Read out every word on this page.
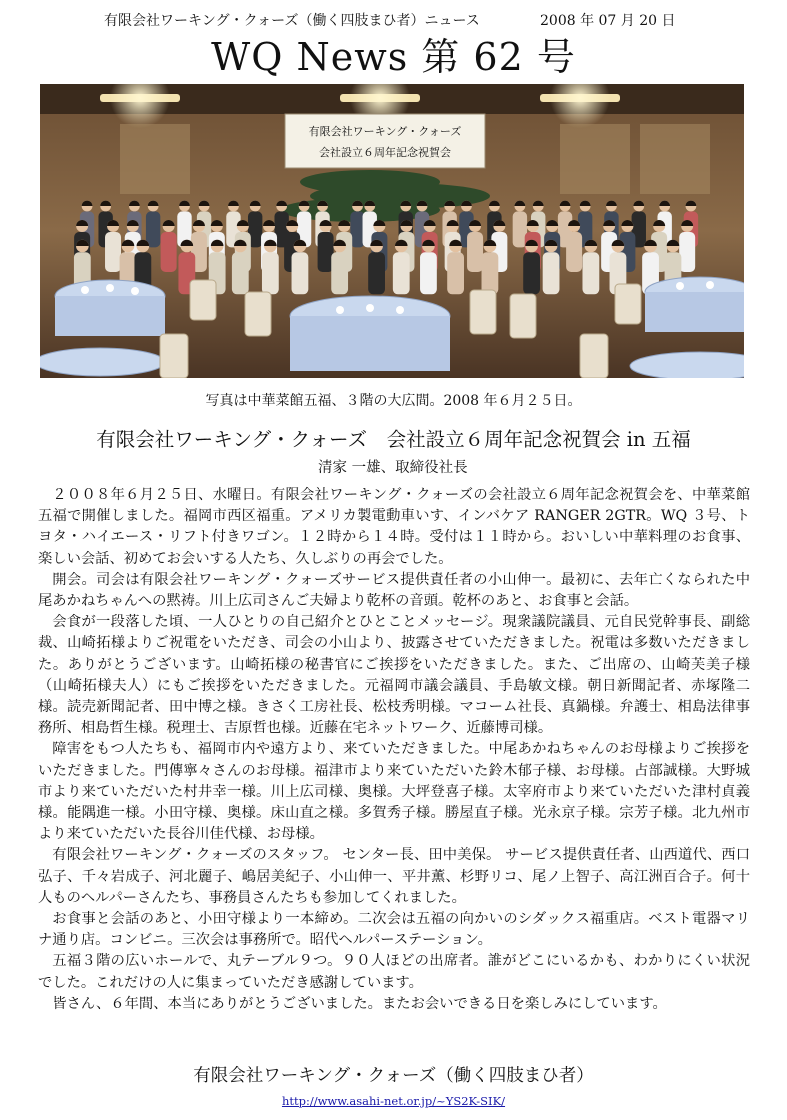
有限会社ワーキング・クォーズ（働く四肢まひ者）ニュース	2008 年 07 月 20 日
WQ News 第 62 号
有限会社ワーキング・クォーズ
会社設立６周年記念祝賀会
写真は中華菜館五福、３階の大広間。2008 年６月２５日。
有限会社ワーキング・クォーズ　会社設立６周年記念祝賀会 in 五福
清家 一雄、取締役社長

２００８年６月２５日、水曜日。有限会社ワーキング・クォーズの会社設立６周年記念祝賀会を、中華菜館五福で開催しました。福岡市西区福重。アメリカ製電動車いす、インバケア RANGER 2GTR。WQ ３号、トヨタ・ハイエース・リフト付きワゴン。１２時から１４時。受付は１１時から。おいしい中華料理のお食事、楽しい会話、初めてお会いする人たち、久しぶりの再会でした。

開会。司会は有限会社ワーキング・クォーズサービス提供責任者の小山伸一。最初に、去年亡くなられた中尾あかねちゃんへの黙祷。川上広司さんご夫婦より乾杯の音頭。乾杯のあと、お食事と会話。

会食が一段落した頃、一人ひとりの自己紹介とひとことメッセージ。現衆議院議員、元自民党幹事長、副総裁、山崎拓様よりご祝電をいただき、司会の小山より、披露させていただきました。祝電は多数いただきました。ありがとうございます。山崎拓様の秘書官にご挨拶をいただきました。また、ご出席の、山崎芙美子様（山崎拓様夫人）にもご挨拶をいただきました。元福岡市議会議員、手島敏文様。朝日新聞記者、赤塚隆二様。読売新聞記者、田中博之様。きさく工房社長、松枝秀明様。マコーム社長、真鍋様。弁護士、相島法律事務所、相島哲生様。税理士、吉原哲也様。近藤在宅ネットワーク、近藤博司様。

障害をもつ人たちも、福岡市内や遠方より、来ていただきました。中尾あかねちゃんのお母様よりご挨拶をいただきました。門傳寧々さんのお母様。福津市より来ていただいた鈴木郁子様、お母様。占部誠様。大野城市より来ていただいた村井幸一様。川上広司様、奥様。大坪登喜子様。太宰府市より来ていただいた津村貞義様。能隅進一様。小田守様、奥様。床山直之様。多賀秀子様。勝屋直子様。光永京子様。宗芳子様。北九州市より来ていただいた長谷川佳代様、お母様。

有限会社ワーキング・クォーズのスタッフ。 センター長、田中美保。 サービス提供責任者、山西道代、西口弘子、千々岩成子、河北麗子、嶋居美紀子、小山伸一、平井薫、杉野リコ、尾ノ上智子、高江洲百合子。何十人ものヘルパーさんたち、事務員さんたちも参加してくれました。

お食事と会話のあと、小田守様より一本締め。二次会は五福の向かいのシダックス福重店。ベスト電器マリナ通り店。コンビニ。三次会は事務所で。昭代ヘルパーステーション。

五福３階の広いホールで、丸テーブル９つ。９０人ほどの出席者。誰がどこにいるかも、わかりにくい状況でした。これだけの人に集まっていただき感謝しています。

皆さん、６年間、本当にありがとうございました。またお会いできる日を楽しみにしています。

有限会社ワーキング・クォーズ（働く四肢まひ者）
http://www.asahi-net.or.jp/~YS2K-SIK/
